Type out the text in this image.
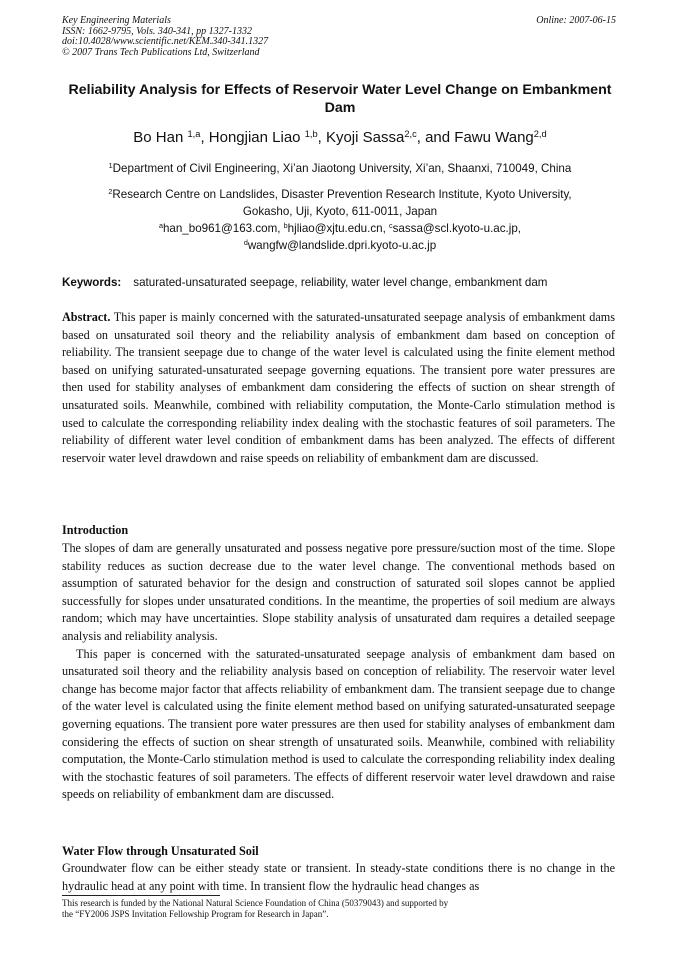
Key Engineering Materials
ISSN: 1662-9795, Vols. 340-341, pp 1327-1332
doi:10.4028/www.scientific.net/KEM.340-341.1327
© 2007 Trans Tech Publications Ltd, Switzerland
Online: 2007-06-15
Reliability Analysis for Effects of Reservoir Water Level Change on Embankment Dam
Bo Han $^{1,a}$, Hongjian Liao $^{1,b}$, Kyoji Sassa$^{2,c}$, and Fawu Wang$^{2,d}$
$^1$Department of Civil Engineering, Xi’an Jiaotong University, Xi’an, Shaanxi, 710049, China
$^2$Research Centre on Landslides, Disaster Prevention Research Institute, Kyoto University,
Gokasho, Uji, Kyoto, 611-0011, Japan
$^a$han_bo961@163.com, $^b$hjliao@xjtu.edu.cn, $^c$sassa@scl.kyoto-u.ac.jp,
$^d$wangfw@landslide.dpri.kyoto-u.ac.jp
Keywords: saturated-unsaturated seepage, reliability, water level change, embankment dam

Abstract. This paper is mainly concerned with the saturated-unsaturated seepage analysis of embankment dams based on unsaturated soil theory and the reliability analysis of embankment dam based on conception of reliability. The transient seepage due to change of the water level is calculated using the finite element method based on unifying saturated-unsaturated seepage governing equations. The transient pore water pressures are then used for stability analyses of embankment dam considering the effects of suction on shear strength of unsaturated soils. Meanwhile, combined with reliability computation, the Monte-Carlo stimulation method is used to calculate the corresponding reliability index dealing with the stochastic features of soil parameters. The reliability of different water level condition of embankment dams has been analyzed. The effects of different reservoir water level drawdown and raise speeds on reliability of embankment dam are discussed.

Introduction

The slopes of dam are generally unsaturated and possess negative pore pressure/suction most of the time. Slope stability reduces as suction decrease due to the water level change. The conventional methods based on assumption of saturated behavior for the design and construction of saturated soil slopes cannot be applied successfully for slopes under unsaturated conditions. In the meantime, the properties of soil medium are always random; which may have uncertainties. Slope stability analysis of unsaturated dam requires a detailed seepage analysis and reliability analysis.

This paper is concerned with the saturated-unsaturated seepage analysis of embankment dam based on unsaturated soil theory and the reliability analysis based on conception of reliability. The reservoir water level change has become major factor that affects reliability of embankment dam. The transient seepage due to change of the water level is calculated using the finite element method based on unifying saturated-unsaturated seepage governing equations. The transient pore water pressures are then used for stability analyses of embankment dam considering the effects of suction on shear strength of unsaturated soils. Meanwhile, combined with reliability computation, the Monte-Carlo stimulation method is used to calculate the corresponding reliability index dealing with the stochastic features of soil parameters. The effects of different reservoir water level drawdown and raise speeds on reliability of embankment dam are discussed.

Water Flow through Unsaturated Soil

Groundwater flow can be either steady state or transient. In steady-state conditions there is no change in the hydraulic head at any point with time. In transient flow the hydraulic head changes as

This research is funded by the National Natural Science Foundation of China (50379043) and supported by
the “FY2006 JSPS Invitation Fellowship Program for Research in Japan”.
